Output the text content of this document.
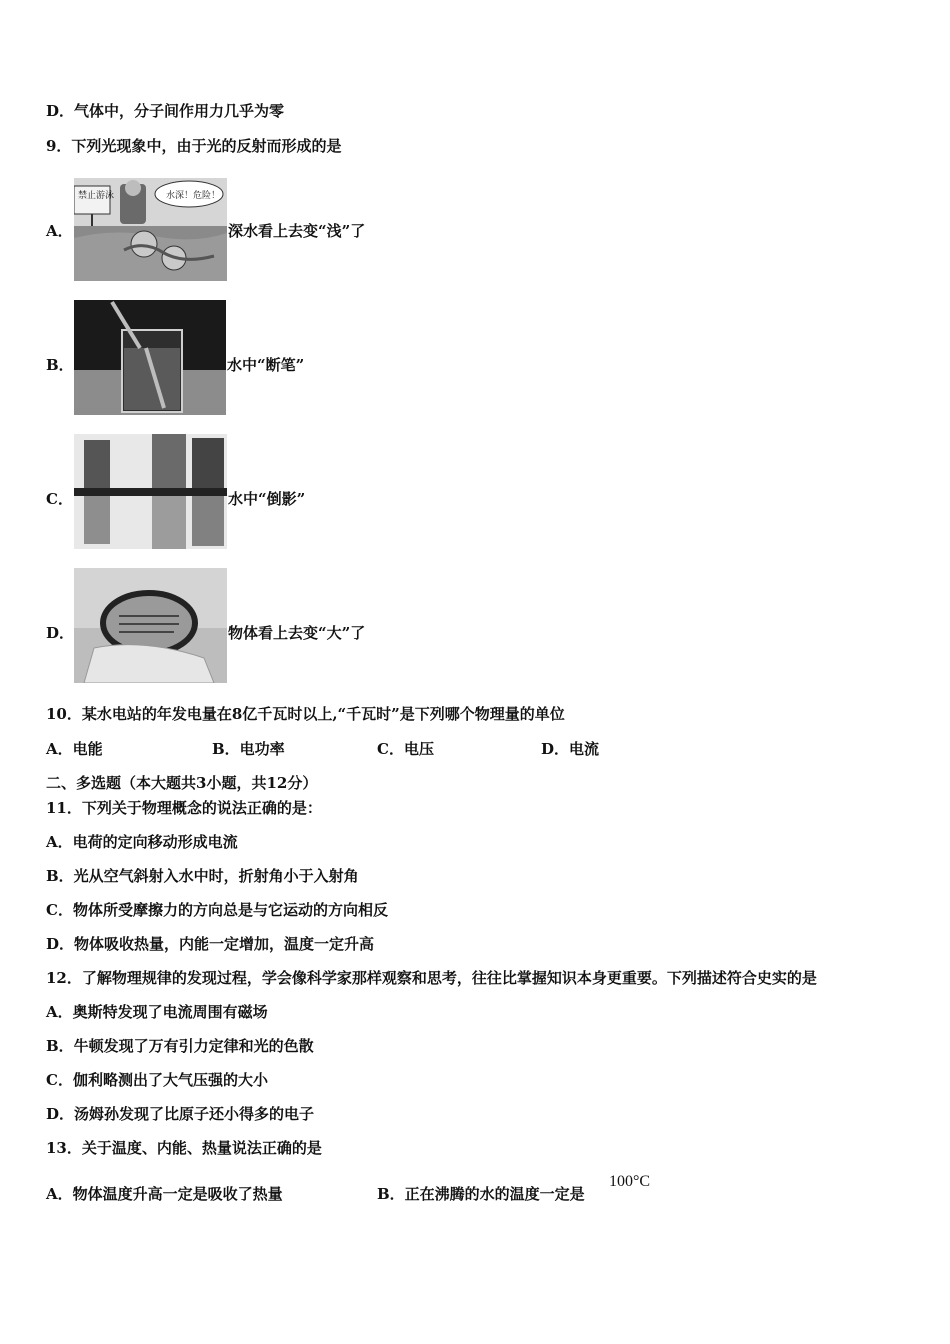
D．气体中，分子间作用力几乎为零
9．下列光现象中，由于光的反射而形成的是
A．
禁止游泳	水深！危险！
深水看上去变“浅”了
B．	水中“断笔”
C．	水中“倒影”
D．	物体看上去变“大”了
10．某水电站的年发电量在8亿千瓦时以上,“千瓦时”是下列哪个物理量的单位
A．电能	B．电功率	C．电压	D．电流
二、多选题（本大题共3小题，共12分）
11．下列关于物理概念的说法正确的是：
A．电荷的定向移动形成电流
B．光从空气斜射入水中时，折射角小于入射角
C．物体所受摩擦力的方向总是与它运动的方向相反
D．物体吸收热量，内能一定增加，温度一定升高
12．了解物理规律的发现过程，学会像科学家那样观察和思考，往往比掌握知识本身更重要。下列描述符合史实的是
A．奥斯特发现了电流周围有磁场
B．牛顿发现了万有引力定律和光的色散
C．伽利略测出了大气压强的大小
D．汤姆孙发现了比原子还小得多的电子
13．关于温度、内能、热量说法正确的是
A．物体温度升高一定是吸收了热量	B．正在沸腾的水的温度一定是
100°C
